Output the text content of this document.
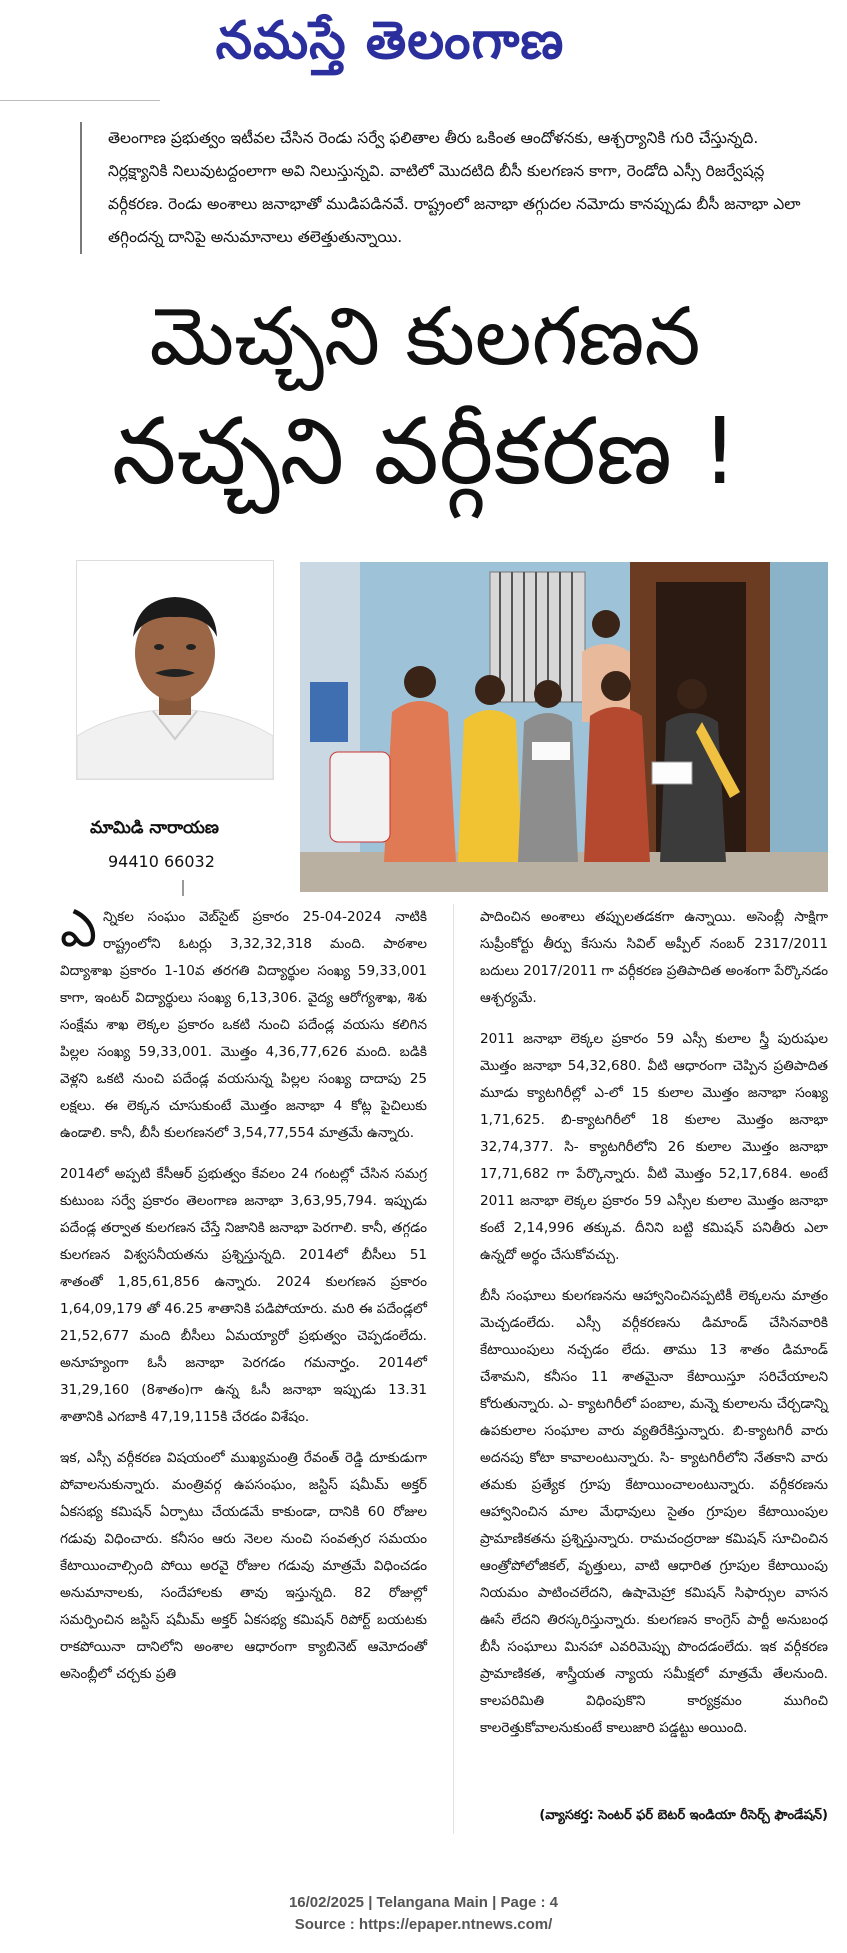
నమస్తే తెలంగాణ
తెలంగాణ ప్రభుత్వం ఇటీవల చేసిన రెండు సర్వే ఫలితాల తీరు ఒకింత ఆందోళనకు, ఆశ్చర్యానికి గురి చేస్తున్నది. నిర్లక్ష్యానికి నిలువుటద్దంలాగా అవి నిలుస్తున్నవి. వాటిలో మొదటిది బీసీ కులగణన కాగా, రెండోది ఎస్సీ రిజర్వేషన్ల వర్గీకరణ. రెండు అంశాలు జనాభాతో ముడిపడినవే. రాష్ట్రంలో జనాభా తగ్గుదల నమోదు కానప్పుడు బీసీ జనాభా ఎలా తగ్గిందన్న దానిపై అనుమానాలు తలెత్తుతున్నాయి.
మెచ్చని కులగణన
నచ్చని వర్గీకరణ !
మామిడి నారాయణ
94410 66032

ఎన్నికల సంఘం వెబ్‌సైట్ ప్రకారం 25-04-2024 నాటికి రాష్ట్రంలోని ఓటర్లు 3,32,32,318 మంది. పాఠశాల విద్యాశాఖ ప్రకారం 1-10వ తరగతి విద్యార్థుల సంఖ్య 59,33,001 కాగా, ఇంటర్ విద్యార్థులు సంఖ్య 6,13,306. వైద్య ఆరోగ్యశాఖ, శిశు సంక్షేమ శాఖ లెక్కల ప్రకారం ఒకటి నుంచి పదేండ్ల వయసు కలిగిన పిల్లల సంఖ్య 59,33,001. మొత్తం 4,36,77,626 మంది. బడికి వెళ్లని ఒకటి నుంచి పదేండ్ల వయసున్న పిల్లల సంఖ్య దాదాపు 25 లక్షలు. ఈ లెక్కన చూసుకుంటే మొత్తం జనాభా 4 కోట్ల పైచిలుకు ఉండాలి. కానీ, బీసీ కులగణనలో 3,54,77,554 మాత్రమే ఉన్నారు.

2014లో అప్పటి కేసీఆర్ ప్రభుత్వం కేవలం 24 గంటల్లో చేసిన సమగ్ర కుటుంబ సర్వే ప్రకారం తెలంగాణ జనాభా 3,63,95,794. ఇప్పుడు పదేండ్ల తర్వాత కులగణన చేస్తే నిజానికి జనాభా పెరగాలి. కానీ, తగ్గడం కులగణన విశ్వసనీయతను ప్రశ్నిస్తున్నది. 2014లో బీసీలు 51 శాతంతో 1,85,61,856 ఉన్నారు. 2024 కులగణన ప్రకారం 1,64,09,179 తో 46.25 శాతానికి పడిపోయారు. మరి ఈ పదేండ్లలో 21,52,677 మంది బీసీలు ఏమయ్యారో ప్రభుత్వం చెప్పడంలేదు. అనూహ్యంగా ఓసీ జనాభా పెరగడం గమనార్హం. 2014లో 31,29,160 (8శాతం)గా ఉన్న ఓసీ జనాభా ఇప్పుడు 13.31 శాతానికి ఎగబాకి 47,19,115కి చేరడం విశేషం.

ఇక, ఎస్సీ వర్గీకరణ విషయంలో ముఖ్యమంత్రి రేవంత్ రెడ్డి దూకుడుగా పోవాలనుకున్నారు. మంత్రివర్గ ఉపసంఘం, జస్టిస్ షమీమ్ అక్తర్ ఏకసభ్య కమిషన్ ఏర్పాటు చేయడమే కాకుండా, దానికి 60 రోజుల గడువు విధించారు. కనీసం ఆరు నెలల నుంచి సంవత్సర సమయం కేటాయించాల్సింది పోయి అరవై రోజుల గడువు మాత్రమే విధించడం అనుమానాలకు, సందేహాలకు తావు ఇస్తున్నది. 82 రోజుల్లో సమర్పించిన జస్టిస్ షమీమ్ అక్తర్ ఏకసభ్య కమిషన్ రిపోర్ట్ బయటకు రాకపోయినా దానిలోని అంశాల ఆధారంగా క్యాబినెట్ ఆమోదంతో అసెంబ్లీలో చర్చకు ప్రతి

పాదించిన అంశాలు తప్పులతడకగా ఉన్నాయి. అసెంబ్లీ సాక్షిగా సుప్రీంకోర్టు తీర్పు కేసును సివిల్ అప్పీల్ నంబర్ 2317/2011 బదులు 2017/2011 గా వర్గీకరణ ప్రతిపాదిత అంశంగా పేర్కొనడం ఆశ్చర్యమే.

2011 జనాభా లెక్కల ప్రకారం 59 ఎస్సీ కులాల స్త్రీ పురుషుల మొత్తం జనాభా 54,32,680. వీటి ఆధారంగా చెప్పిన ప్రతిపాదిత మూడు క్యాటగిరీల్లో ఎ-లో 15 కులాల మొత్తం జనాభా సంఖ్య 1,71,625. బి-క్యాటగిరీలో 18 కులాల మొత్తం జనాభా 32,74,377. సి- క్యాటగిరీలోని 26 కులాల మొత్తం జనాభా 17,71,682 గా పేర్కొన్నారు. వీటి మొత్తం 52,17,684. అంటే 2011 జనాభా లెక్కల ప్రకారం 59 ఎస్సీల కులాల మొత్తం జనాభా కంటే 2,14,996 తక్కువ. దీనిని బట్టి కమిషన్ పనితీరు ఎలా ఉన్నదో అర్థం చేసుకోవచ్చు.

బీసీ సంఘాలు కులగణనను ఆహ్వానించినప్పటికీ లెక్కలను మాత్రం మెచ్చడంలేదు. ఎస్సీ వర్గీకరణను డిమాండ్ చేసినవారికి కేటాయింపులు నచ్చడం లేదు. తాము 13 శాతం డిమాండ్ చేశామని, కనీసం 11 శాతమైనా కేటాయిస్తూ సరిచేయాలని కోరుతున్నారు. ఎ- క్యాటగిరీలో పంబాల, మన్నె కులాలను చేర్చడాన్ని ఉపకులాల సంఘాల వారు వ్యతిరేకిస్తున్నారు. బి-క్యాటగిరీ వారు అదనపు కోటా కావాలంటున్నారు. సి- క్యాటగిరీలోని నేతకాని వారు తమకు ప్రత్యేక గ్రూపు కేటాయించాలంటున్నారు. వర్గీకరణను ఆహ్వానించిన మాల మేధావులు సైతం గ్రూపుల కేటాయింపుల ప్రామాణికతను ప్రశ్నిస్తున్నారు. రామచంద్రరాజు కమిషన్ సూచించిన ఆంత్రోపోలోజికల్, వృత్తులు, వాటి ఆధారిత గ్రూపుల కేటాయింపు నియమం పాటించలేదని, ఉషామెహ్రా కమిషన్ సిఫార్సుల వాసన ఊసే లేదని తిరస్కరిస్తున్నారు. కులగణన కాంగ్రెస్ పార్టీ అనుబంధ బీసీ సంఘాలు మినహా ఎవరిమెప్పు పొందడంలేదు. ఇక వర్గీకరణ ప్రామాణికత, శాస్త్రీయత న్యాయ సమీక్షలో మాత్రమే తేలనుంది. కాలపరిమితి విధింపుకొని కార్యక్రమం ముగించి కాలరెత్తుకోవాలనుకుంటే కాలుజారి పడ్డట్టు అయింది.

(వ్యాసకర్త: సెంటర్ ఫర్ బెటర్ ఇండియా రీసెర్చ్ ఫౌండేషన్)
16/02/2025 | Telangana Main | Page : 4
Source : https://epaper.ntnews.com/
